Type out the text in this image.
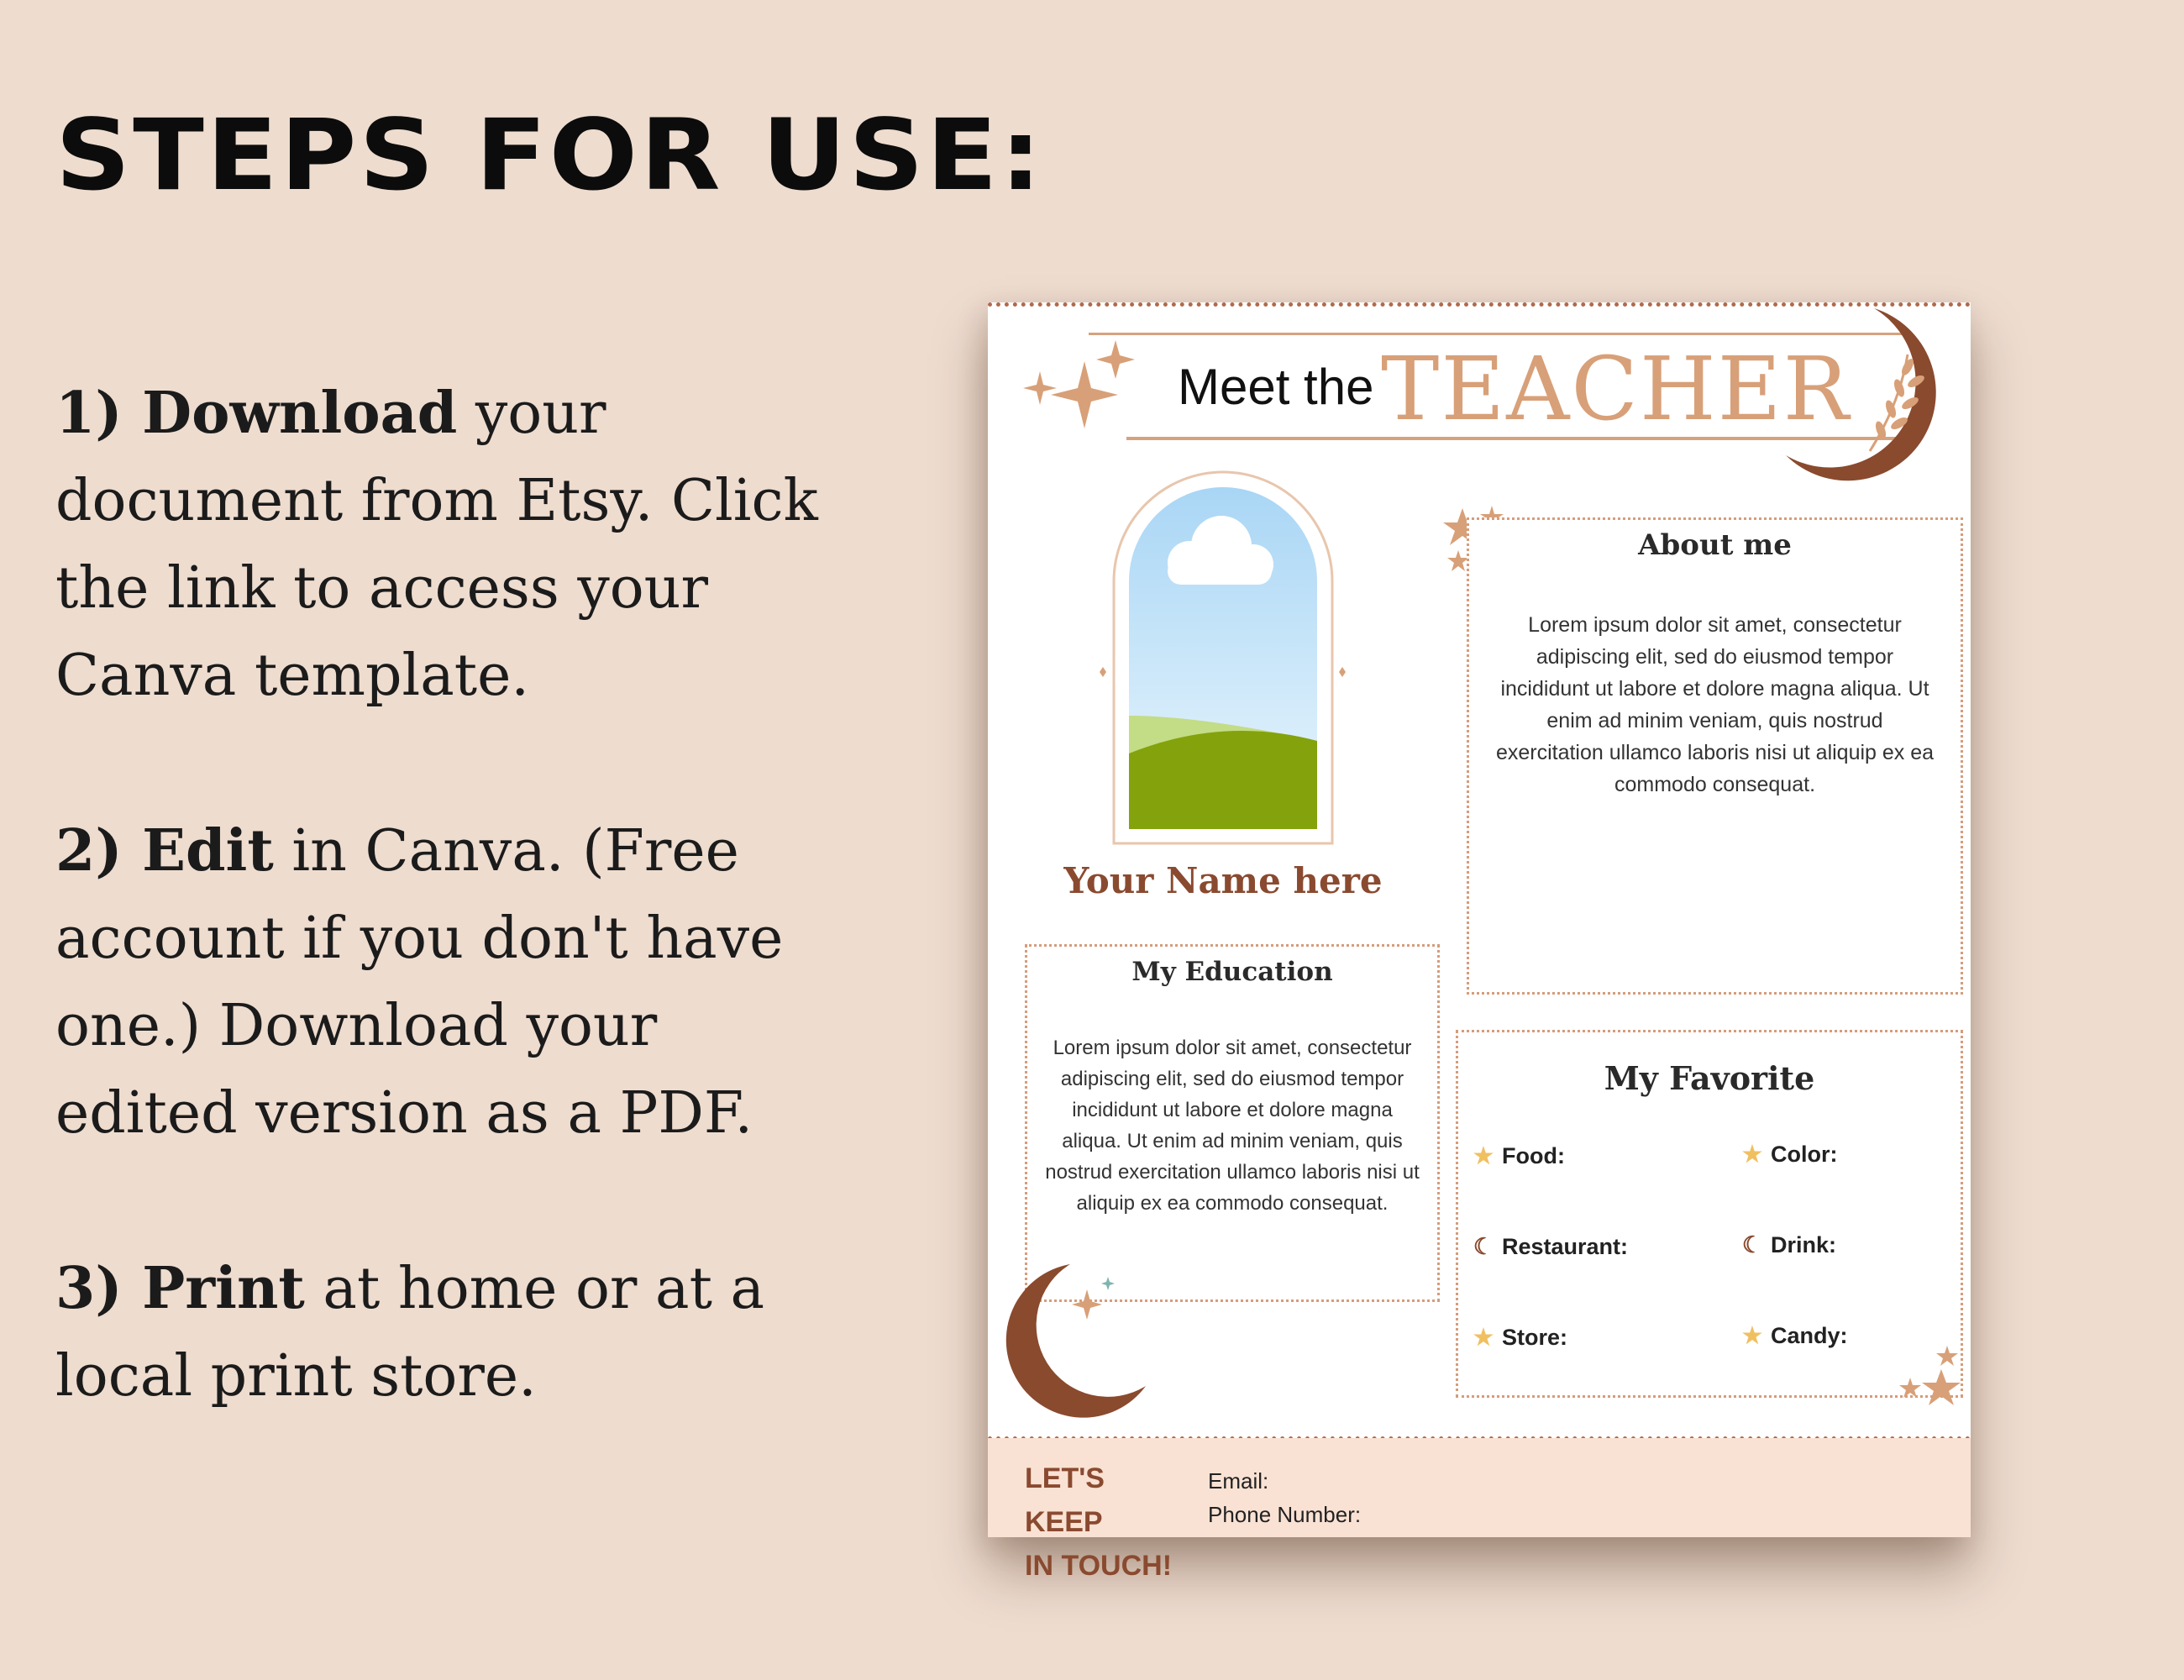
STEPS FOR USE:

1) Download your document from Etsy. Click the link to access your Canva template.

2) Edit in Canva. (Free account if you don't have one.) Download your edited version as a PDF.

3) Print at home or at a local print store.

Meet the TEACHER
Your Name here
About me
Lorem ipsum dolor sit amet, consectetur adipiscing elit, sed do eiusmod tempor incididunt ut labore et dolore magna aliqua. Ut enim ad minim veniam, quis nostrud exercitation ullamco laboris nisi ut aliquip ex ea commodo consequat.
My Education
Lorem ipsum dolor sit amet, consectetur adipiscing elit, sed do eiusmod tempor incididunt ut labore et dolore magna aliqua. Ut enim ad minim veniam, quis nostrud exercitation ullamco laboris nisi ut aliquip ex ea commodo consequat.
My Favorite
★ Food:	★ Color:
☾ Restaurant:	☾ Drink:
★ Store:	★ Candy:
LET'S KEEP
IN TOUCH!
Email:
Phone Number:
